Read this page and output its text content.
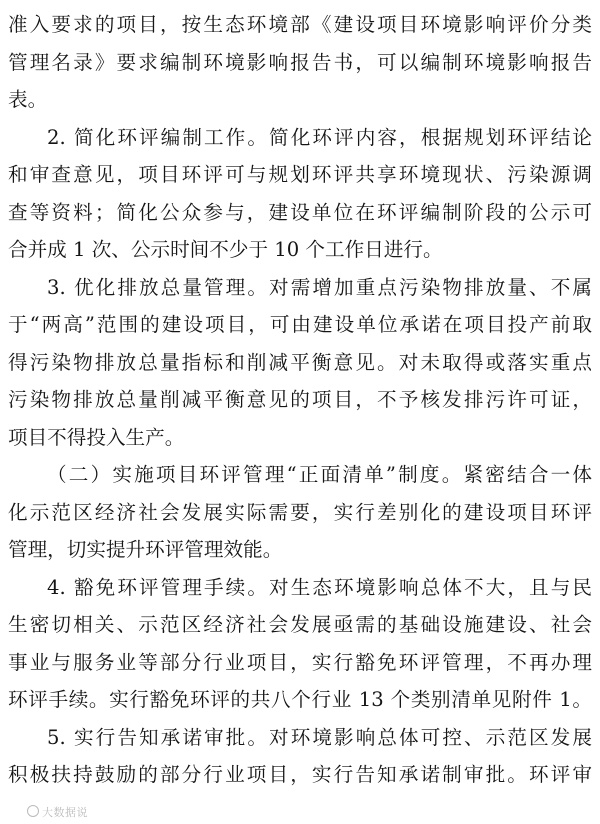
准入要求的项目，按生态环境部《建设项目环境影响评价分类
管理名录》要求编制环境影响报告书，可以编制环境影响报告
表。
2. 简化环评编制工作。简化环评内容，根据规划环评结论
和审查意见，项目环评可与规划环评共享环境现状、污染源调
查等资料；简化公众参与，建设单位在环评编制阶段的公示可
合并成 1 次、公示时间不少于 10 个工作日进行。
3. 优化排放总量管理。对需增加重点污染物排放量、不属
于“两高”范围的建设项目，可由建设单位承诺在项目投产前取
得污染物排放总量指标和削减平衡意见。对未取得或落实重点
污染物排放总量削减平衡意见的项目，不予核发排污许可证，
项目不得投入生产。
（二）实施项目环评管理“正面清单”制度。紧密结合一体
化示范区经济社会发展实际需要，实行差别化的建设项目环评
管理，切实提升环评管理效能。
4. 豁免环评管理手续。对生态环境影响总体不大，且与民
生密切相关、示范区经济社会发展亟需的基础设施建设、社会
事业与服务业等部分行业项目，实行豁免环评管理，不再办理
环评手续。实行豁免环评的共八个行业 13 个类别清单见附件 1。
5. 实行告知承诺审批。对环境影响总体可控、示范区发展
积极扶持鼓励的部分行业项目，实行告知承诺制审批。环评审
大数据说
